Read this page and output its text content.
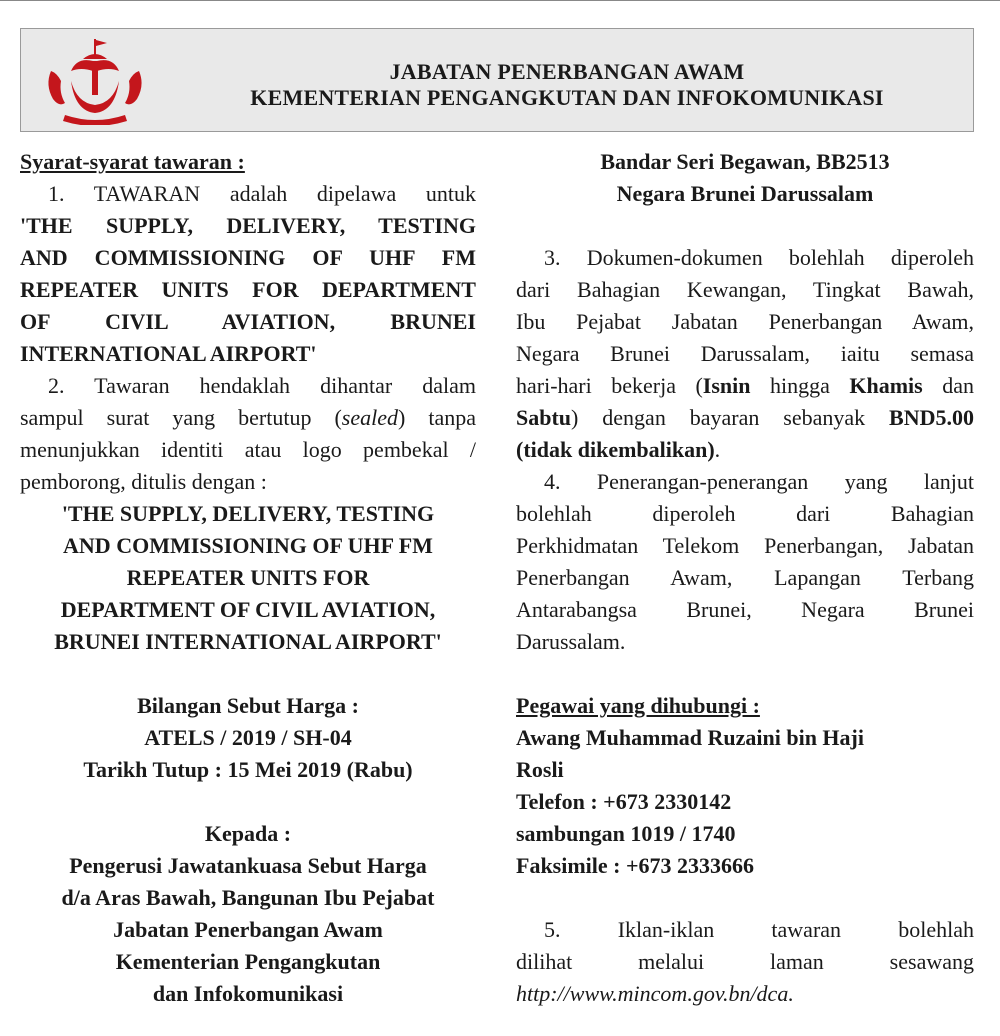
JABATAN PENERBANGAN AWAM
KEMENTERIAN PENGANGKUTAN DAN INFOKOMUNIKASI

Syarat-syarat tawaran :

1. TAWARAN adalah dipelawa untuk

'THE SUPPLY, DELIVERY, TESTING

AND COMMISSIONING OF UHF FM

REPEATER UNITS FOR DEPARTMENT

OF CIVIL AVIATION, BRUNEI

INTERNATIONAL AIRPORT'

2. Tawaran hendaklah dihantar dalam

sampul surat yang bertutup (sealed) tanpa

menunjukkan identiti atau logo pembekal /

pemborong, ditulis dengan :

'THE SUPPLY, DELIVERY, TESTING

AND COMMISSIONING OF UHF FM

REPEATER UNITS FOR

DEPARTMENT OF CIVIL AVIATION,

BRUNEI INTERNATIONAL AIRPORT'

Bilangan Sebut Harga :

ATELS / 2019 / SH-04

Tarikh Tutup : 15 Mei 2019 (Rabu)

Kepada :

Pengerusi Jawatankuasa Sebut Harga

d/a Aras Bawah, Bangunan Ibu Pejabat

Jabatan Penerbangan Awam

Kementerian Pengangkutan

dan Infokomunikasi

Bandar Seri Begawan, BB2513

Negara Brunei Darussalam

3. Dokumen-dokumen bolehlah diperoleh

dari Bahagian Kewangan, Tingkat Bawah,

Ibu Pejabat Jabatan Penerbangan Awam,

Negara Brunei Darussalam, iaitu semasa

hari-hari bekerja (Isnin hingga Khamis dan

Sabtu) dengan bayaran sebanyak BND5.00

(tidak dikembalikan).

4. Penerangan-penerangan yang lanjut

bolehlah diperoleh dari Bahagian

Perkhidmatan Telekom Penerbangan, Jabatan

Penerbangan Awam, Lapangan Terbang

Antarabangsa Brunei, Negara Brunei

Darussalam.

Pegawai yang dihubungi :

Awang Muhammad Ruzaini bin Haji

Rosli

Telefon : +673 2330142

sambungan 1019 / 1740

Faksimile : +673 2333666

5. Iklan-iklan tawaran bolehlah

dilihat melalui laman sesawang

http://www.mincom.gov.bn/dca.
